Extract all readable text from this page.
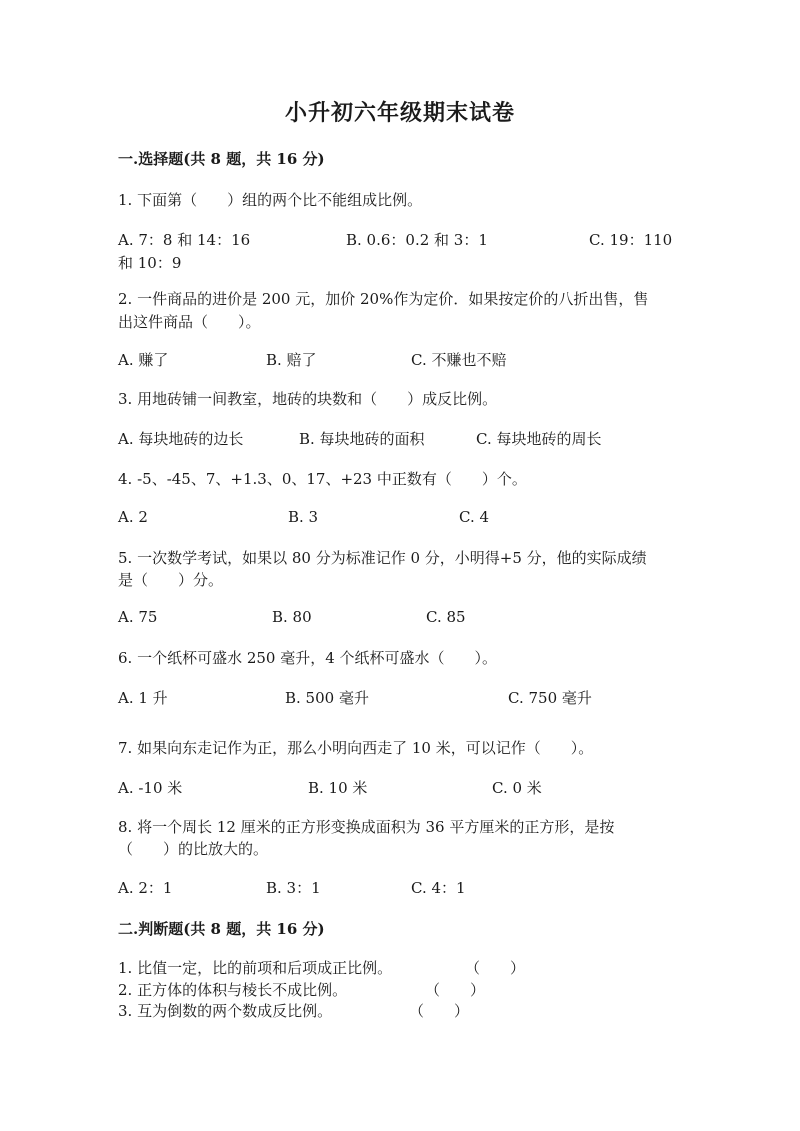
小升初六年级期末试卷
一.选择题(共 8 题，共 16 分)
1. 下面第（　　）组的两个比不能组成比例。
A. 7：8 和 14：16	B. 0.6：0.2 和 3：1	C. 19：110
和 10：9
2. 一件商品的进价是 200 元，加价 20%作为定价．如果按定价的八折出售，售
出这件商品（　　）。
A. 赚了	B. 赔了	C. 不赚也不赔
3. 用地砖铺一间教室，地砖的块数和（　　）成反比例。
A. 每块地砖的边长	B. 每块地砖的面积	C. 每块地砖的周长
4. -5、-45、7、+1.3、0、17、+23 中正数有（　　）个。
A. 2	B. 3	C. 4
5. 一次数学考试，如果以 80 分为标准记作 0 分，小明得+5 分，他的实际成绩
是（　　）分。
A. 75	B. 80	C. 85
6. 一个纸杯可盛水 250 毫升，4 个纸杯可盛水（　　）。
A. 1 升	B. 500 毫升	C. 750 毫升
7. 如果向东走记作为正，那么小明向西走了 10 米，可以记作（　　）。
A. -10 米	B. 10 米	C. 0 米
8. 将一个周长 12 厘米的正方形变换成面积为 36 平方厘米的正方形，是按
（　　）的比放大的。
A. 2：1	B. 3：1	C. 4：1
二.判断题(共 8 题，共 16 分)
1. 比值一定，比的前项和后项成正比例。	（　　）
2. 正方体的体积与棱长不成比例。	（　　）
3. 互为倒数的两个数成反比例。	（　　）
